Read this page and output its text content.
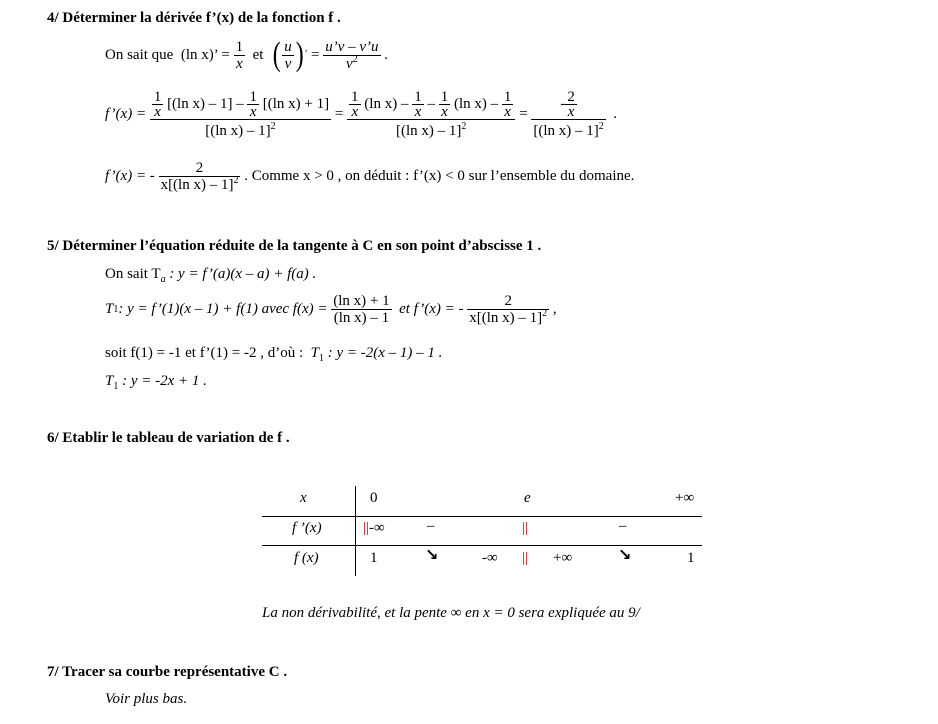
4/ Déterminer la dérivée f’(x) de la fonction f .
On sait que
(ln x)’ =
$\frac{1}{x}$
et
( $\frac{u}{v}$ ) ′
=
$\frac{u’v - v’u}{v^2}$
.
f’(x) =
$\frac{\frac{1}{x} [(\ln x) - 1] - \frac{1}{x} [(\ln x) + 1]}{[(\ln x) - 1]^2}$
=
$\frac{1}{x} (\ln$ $x) - \frac{1}{x} - \frac{1}{x} (\ln$ $x) - \frac{1}{x}$
[(ln x) – 1]$^2$

=
$\frac{- \frac{2}{x}}{[(\ln x) - 1]^2}$
.
f’(x) = -
$\frac{2}{x[(\ln x) - 1]^2}$
. Comme x > 0 , on déduit : f’(x) < 0 sur l’ensemble du domaine.
5/ Déterminer l’équation réduite de la tangente à C en son point d’abscisse 1 .
On sait $T_a$ : y = f’(a)(x – a) + f(a) .
T 1 : y = f’(1)(x – 1) + f(1) avec f(x) =
$\frac{\text{(ln x) + 1}}{\text{(ln x) – 1}}$
et f’(x) = -
$\frac{2}{x[(\ln x) - 1]^2}$
,
soit f(1) = -1 et f’(1) = -2 , d’où :  $T_1$ : y = -2(x – 1) – 1 .
$T_1$ : y = -2x + 1 .
6/ Etablir le tableau de variation de f .
x	0	e	+∞
f ’(x)	||-∞	–	||	–
f (x)	1	↘	-∞ || +∞	↘	1
La non dérivabilité, et la pente ∞ en x = 0 sera expliquée au 9/
7/ Tracer sa courbe représentative C .
Voir plus bas.
